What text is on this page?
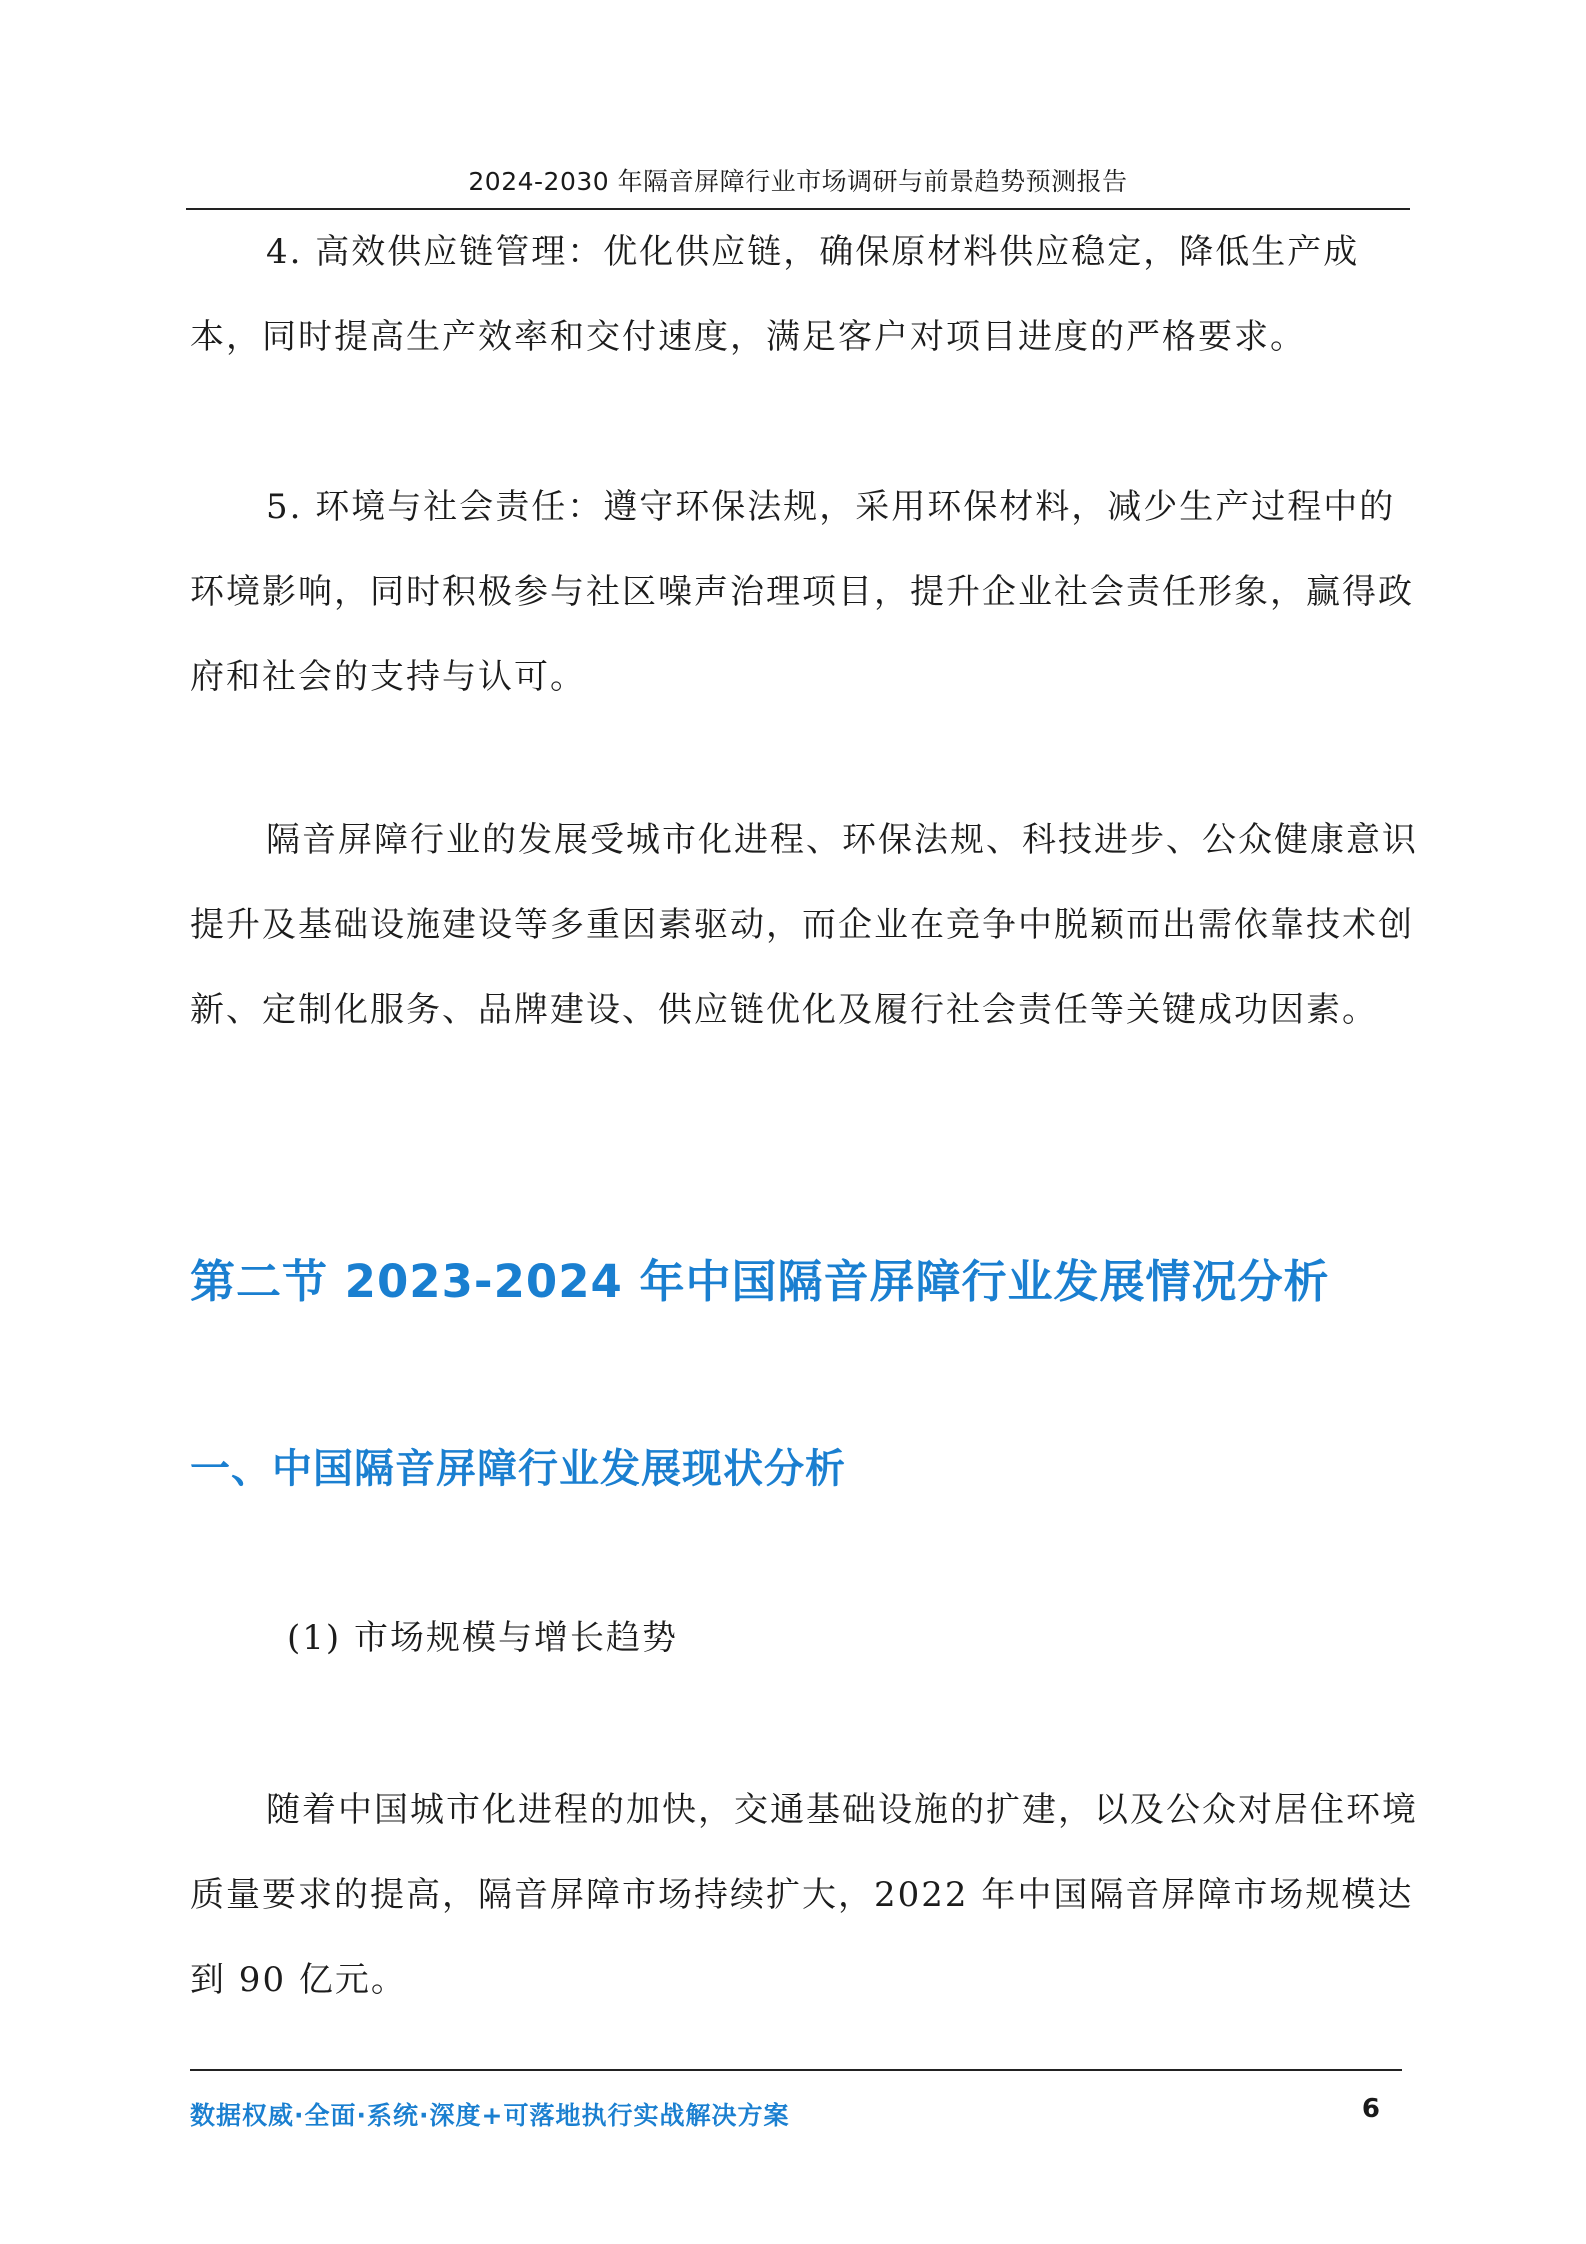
2024-2030 年隔音屏障行业市场调研与前景趋势预测报告

4. 高效供应链管理：优化供应链，确保原材料供应稳定，降低生产成本，同时提高生产效率和交付速度，满足客户对项目进度的严格要求。

5. 环境与社会责任：遵守环保法规，采用环保材料，减少生产过程中的环境影响，同时积极参与社区噪声治理项目，提升企业社会责任形象，赢得政府和社会的支持与认可。

隔音屏障行业的发展受城市化进程、环保法规、科技进步、公众健康意识提升及基础设施建设等多重因素驱动，而企业在竞争中脱颖而出需依靠技术创新、定制化服务、品牌建设、供应链优化及履行社会责任等关键成功因素。

第二节 2023-2024 年中国隔音屏障行业发展情况分析
一、中国隔音屏障行业发展现状分析

(1) 市场规模与增长趋势

随着中国城市化进程的加快，交通基础设施的扩建，以及公众对居住环境质量要求的提高，隔音屏障市场持续扩大，2022 年中国隔音屏障市场规模达到 90 亿元。

数据权威·全面·系统·深度+可落地执行实战解决方案	6
